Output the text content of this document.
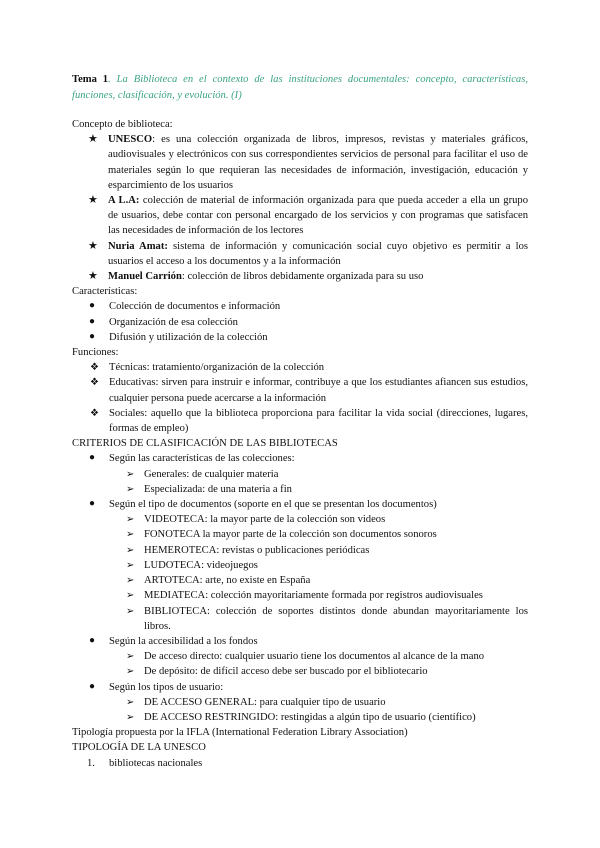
Tema 1. La Biblioteca en el contexto de las instituciones documentales: concepto, características, funciones, clasificación, y evolución. (I)

Concepto de biblioteca:

★ UNESCO: es una colección organizada de libros, impresos, revistas y materiales gráficos, audiovisuales y electrónicos con sus correspondientes servicios de personal para facilitar el uso de materiales según lo que requieran las necesidades de información, investigación, educación y esparcimiento de los usuarios
★ A L.A: colección de material de información organizada para que pueda acceder a ella un grupo de usuarios, debe contar con personal encargado de los servicios y con programas que satisfacen las necesidades de información de los lectores
★ Nuria Amat: sistema de información y comunicación social cuyo objetivo es permitir a los usuarios el acceso a los documentos y a la información
★ Manuel Carrión: colección de libros debidamente organizada para su uso

Características:

● Colección de documentos e información
● Organización de esa colección
● Difusión y utilización de la colección

Funciones:

❖ Técnicas: tratamiento/organización de la colección
❖ Educativas: sirven para instruir e informar, contribuye a que los estudiantes afiancen sus estudios, cualquier persona puede acercarse a la información
❖ Sociales: aquello que la biblioteca proporciona para facilitar la vida social (direcciones, lugares, formas de empleo)

CRITERIOS DE CLASIFICACIÓN DE LAS BIBLIOTECAS

● Según las características de las colecciones:
➢ Generales: de cualquier materia
➢ Especializada: de una materia a fin
● Según el tipo de documentos (soporte en el que se presentan los documentos)
➢ VIDEOTECA: la mayor parte de la colección son videos
➢ FONOTECA la mayor parte de la colección son documentos sonoros
➢ HEMEROTECA: revistas o publicaciones periódicas
➢ LUDOTECA: videojuegos
➢ ARTOTECA: arte, no existe en España
➢ MEDIATECA: colección mayoritariamente formada por registros audiovisuales
➢ BIBLIOTECA: colección de soportes distintos donde abundan mayoritariamente los libros.
● Según la accesibilidad a los fondos
➢ De acceso directo: cualquier usuario tiene los documentos al alcance de la mano
➢ De depósito: de difícil acceso debe ser buscado por el bibliotecario
● Según los tipos de usuario:
➢ DE ACCESO GENERAL: para cualquier tipo de usuario
➢ DE ACCESO RESTRINGIDO: restingidas a algún tipo de usuario (científico)

Tipología propuesta por la IFLA (International Federation Library Association)

TIPOLOGÍA DE LA UNESCO

1. bibliotecas nacionales
